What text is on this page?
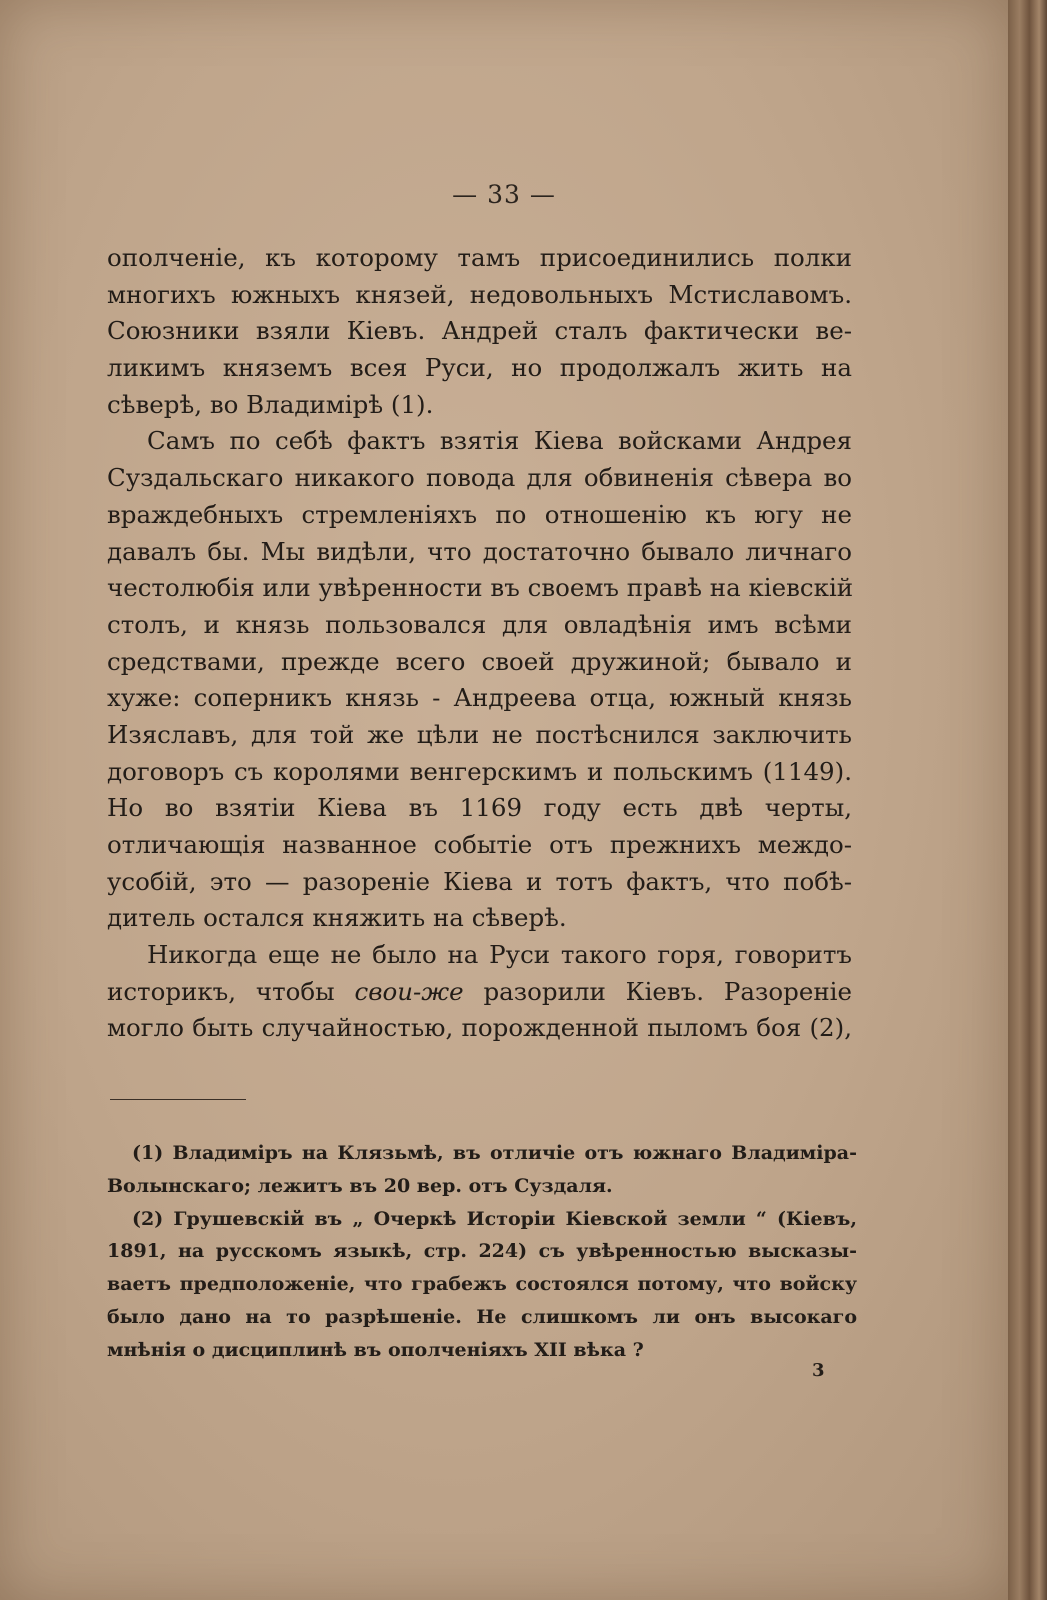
— 33 —
ополченіе, къ которому тамъ присоединились полки
многихъ южныхъ князей, недовольныхъ Мстиславомъ.
Союзники взяли Кіевъ. Андрей сталъ фактически ве-
ликимъ княземъ всея Руси, но продолжалъ жить на
сѣверѣ, во Владимірѣ (1).
Самъ по себѣ фактъ взятія Кіева войсками Андрея
Суздальскаго никакого повода для обвиненія сѣвера во
враждебныхъ стремленіяхъ по отношенію къ югу не
давалъ бы. Мы видѣли, что достаточно бывало личнаго
честолюбія или увѣренности въ своемъ правѣ на кіевскій
столъ, и князь пользовался для овладѣнія имъ всѣми
средствами, прежде всего своей дружиной; бывало и
хуже: соперникъ князь - Андреева отца, южный князь
Изяславъ, для той же цѣли не постѣснился заключить
договоръ съ королями венгерскимъ и польскимъ (1149).
Но во взятіи Кіева въ 1169 году есть двѣ черты,
отличающія названное событіе отъ прежнихъ междо-
усобій, это — разореніе Кіева и тотъ фактъ, что побѣ-
дитель остался княжить на сѣверѣ.
Никогда еще не было на Руси такого горя, говоритъ
историкъ, чтобы свои-же разорили Кіевъ. Разореніе
могло быть случайностью, порожденной пыломъ боя (2),
(1) Владиміръ на Клязьмѣ, въ отличіе отъ южнаго Владиміра-
Волынскаго; лежитъ въ 20 вер. отъ Суздаля.
(2) Грушевскій въ „ Очеркѣ Исторіи Кіевской земли “ (Кіевъ,
1891, на русскомъ языкѣ, стр. 224) съ увѣренностью высказы-
ваетъ предположеніе, что грабежъ состоялся потому, что войску
было дано на то разрѣшеніе. Не слишкомъ ли онъ высокаго
мнѣнія о дисциплинѣ въ ополченіяхъ XII вѣка ?
3
